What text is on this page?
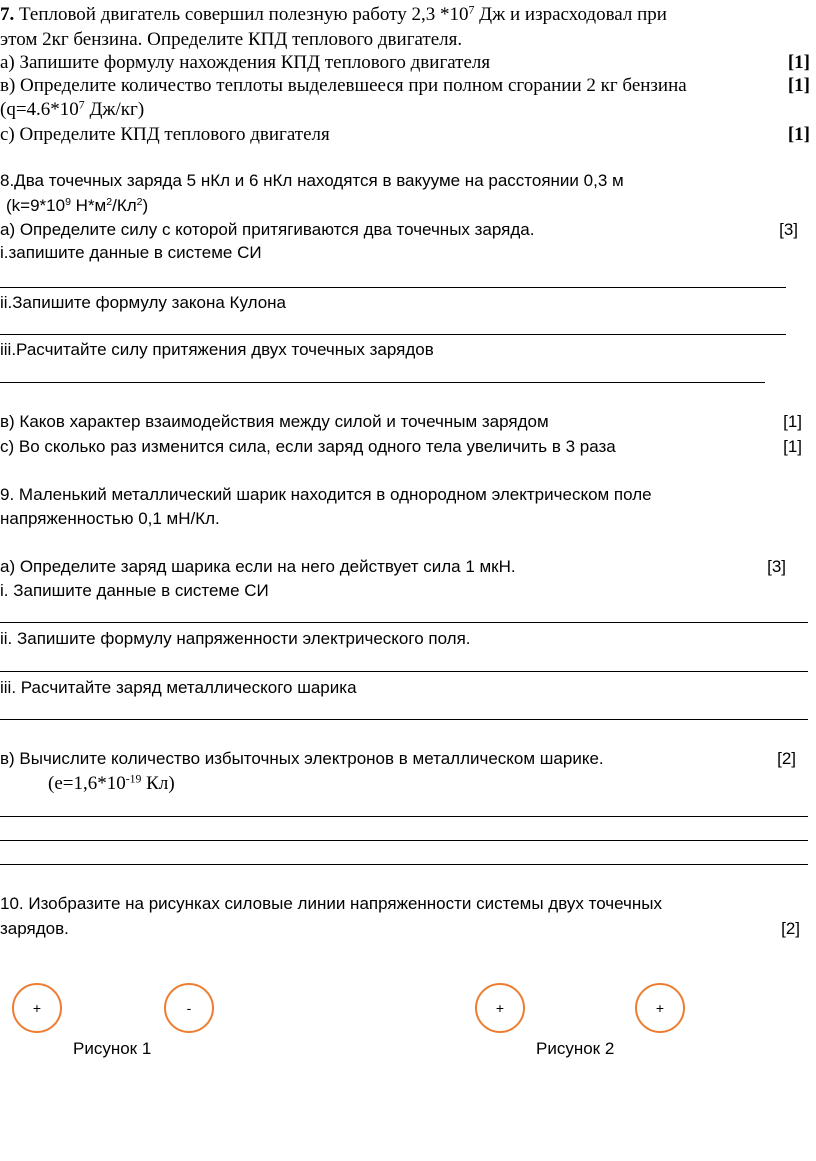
7. Тепловой двигатель совершил полезную работу 2,3 $*10^7$ Дж и израсходовал при
этом 2кг бензина. Определите КПД теплового двигателя.
а) Запишите формулу нахождения КПД теплового двигателя	[1]
в) Определите количество теплоты выделевшееся при полном сгорании 2 кг бензина	[1]
($q=4.6*10^7$ Дж/кг)
с) Определите КПД теплового двигателя	[1]
8.Два точечных заряда 5 нКл и 6 нКл находятся в вакууме на расстоянии 0,3 м
($k=9*10^9$ $Н*м^2/Кл^2$)
а) Определите силу с которой притягиваются два точечных заряда.	[3]
i.запишите данные в системе СИ
ii.Запишите формулу закона Кулона
iii.Расчитайте силу притяжения двух точечных зарядов
в) Каков характер взаимодействия между силой и точечным зарядом	[1]
с) Во сколько раз изменится сила, если заряд одного тела увеличить в 3 раза	[1]
9. Маленький металлический шарик находится в однородном электрическом поле
напряженностью 0,1 мН/Кл.
а) Определите заряд шарика если на него действует сила 1 мкН.	[3]
i. Запишите данные в системе СИ
ii. Запишите формулу напряженности электрического поля.
iii. Расчитайте заряд металлического шарика
в) Вычислите количество избыточных электронов в металлическом шарике.	[2]
($е=1,6*10^{-19}$ Кл)
10. Изобразите на рисунках силовые линии напряженности системы двух точечных
зарядов.	[2]
+	-
Рисунок 1
+	+
Рисунок 2
